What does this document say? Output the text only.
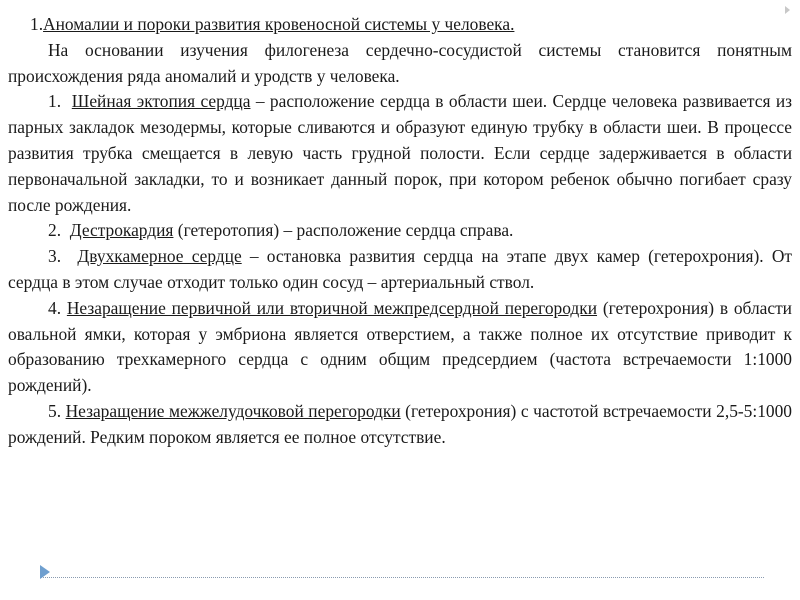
1.Аномалии и пороки развития кровеносной системы у человека.

На основании изучения филогенеза сердечно-сосудистой системы становится понятным происхождения ряда аномалий и уродств у человека.

1.  Шейная эктопия сердца – расположение сердца в области шеи. Сердце человека развивается из парных закладок мезодермы, которые сливаются и образуют единую трубку в области шеи. В процессе развития трубка смещается в левую часть грудной полости. Если сердце задерживается в области первоначальной закладки, то и возникает данный порок, при котором ребенок обычно погибает сразу после рождения.

2.  Дестрокардия (гетеротопия) – расположение сердца справа.

3.  Двухкамерное сердце – остановка развития сердца на этапе двух камер (гетерохрония). От сердца в этом случае отходит только один сосуд – артериальный ствол.

4. Незаращение первичной или вторичной межпредсердной перегородки (гетерохрония) в области овальной ямки, которая у эмбриона является отверстием, а также полное их отсутствие приводит к образованию трехкамерного сердца с одним общим предсердием (частота встречаемости 1:1000 рождений).

5. Незаращение межжелудочковой перегородки (гетерохрония) с частотой встречаемости 2,5-5:1000 рождений. Редким пороком является ее полное отсутствие.
